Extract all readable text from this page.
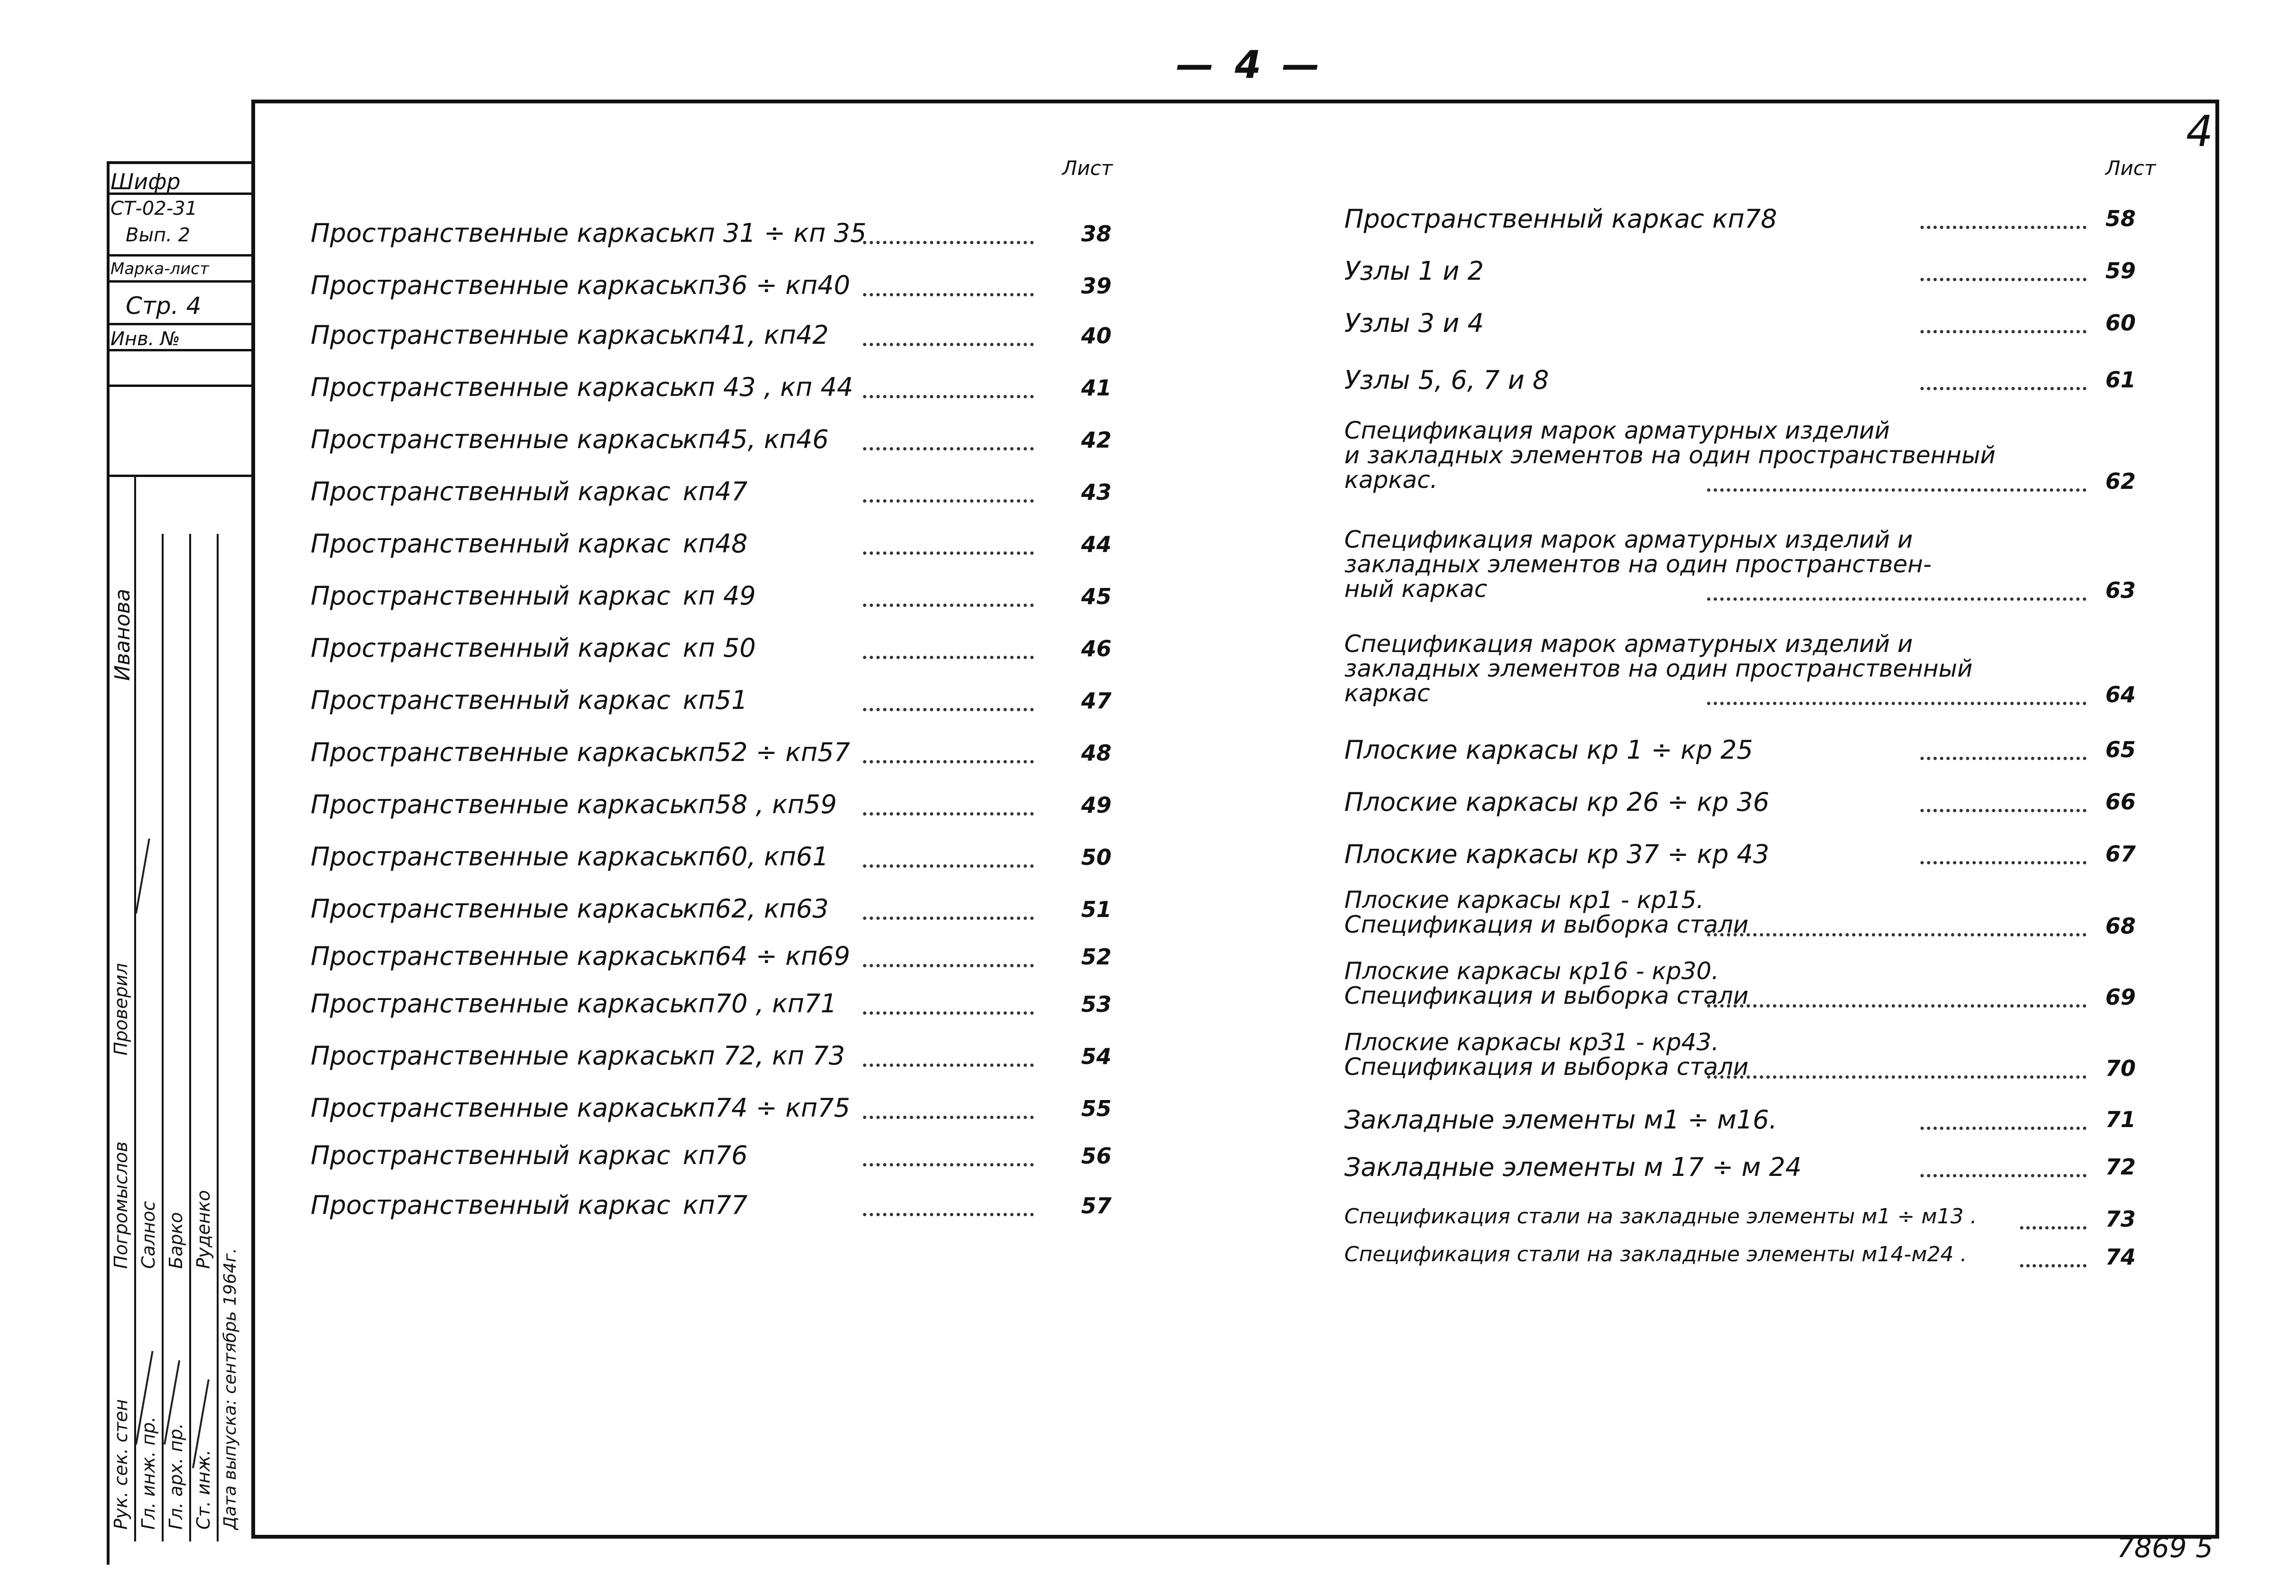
— 4 —
4
Шифр
СТ-02-31
Вып. 2
Марка-лист
Стр. 4
Инв. №
Рук. сек. стен Гл. инж. пр. Гл. арх. пр. Ст. инж. Дата выпуска: сентябрь 1964г.
Погромыслов Салнос Барко Руденко
Проверил
Иванова
Лист	Лист
Пространственные каркасы
кп 31 ÷ кп 35	38
Пространственные каркасы
кп36 ÷ кп40	39
Пространственные каркасы
кп41, кп42	40
Пространственные каркасы
кп 43 , кп 44	41
Пространственные каркасы
кп45, кп46	42
Пространственный каркас кп47	43
Пространственный каркас кп48	44
Пространственный каркас кп 49	45
Пространственный каркас кп 50	46
Пространственный каркас кп51	47
Пространственные каркасы
кп52 ÷ кп57	48
Пространственные каркасы
кп58 , кп59	49
Пространственные каркасы
кп60, кп61	50
Пространственные каркасы
кп62, кп63	51
Пространственные каркасы
кп64 ÷ кп69	52
Пространственные каркасы
кп70 , кп71	53
Пространственные каркасы
кп 72, кп 73	54
Пространственные каркасы
кп74 ÷ кп75	55
Пространственный каркас кп76	56
Пространственный каркас кп77	57
Пространственный каркас кп78	58
Узлы 1 и 2	59
Узлы 3 и 4	60
Узлы 5, 6, 7 и 8	61
Спецификация марок арматурных изделий
и закладных элементов на один пространственный
каркас.	62
Спецификация марок арматурных изделий и
закладных элементов на один пространствен-
ный каркас	63
Спецификация марок арматурных изделий и
закладных элементов на один пространственный
каркас	64
Плоские каркасы кр 1 ÷ кр 25	65
Плоские каркасы кр 26 ÷ кр 36	66
Плоские каркасы кр 37 ÷ кр 43	67
Плоские каркасы кр1 - кр15.
Спецификация и выборка стали	68
Плоские каркасы кр16 - кр30.
Спецификация и выборка стали	69
Плоские каркасы кр31 - кр43.
Спецификация и выборка стали	70
Закладные элементы м1 ÷ м16.	71
Закладные элементы м 17 ÷ м 24	72
Спецификация стали на закладные элементы м1 ÷ м13 .	73
Спецификация стали на закладные элементы м14-м24 .	74
7869 5
